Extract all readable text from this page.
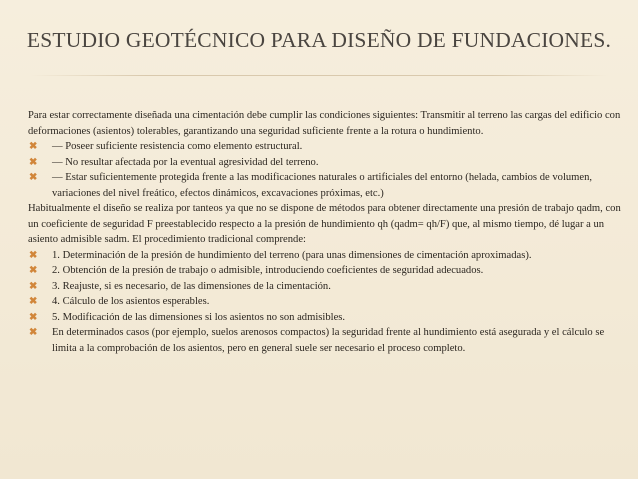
ESTUDIO GEOTÉCNICO PARA DISEÑO DE FUNDACIONES.

Para estar correctamente diseñada una cimentación debe cumplir las condiciones siguientes: Transmitir al terreno las cargas del edificio con deformaciones (asientos) tolerables, garantizando una seguridad suficiente frente a la rotura o hundimiento.

✖ — Poseer suficiente resistencia como elemento estructural.

✖ — No resultar afectada por la eventual agresividad del terreno.

✖ — Estar suficientemente protegida frente a las modificaciones naturales o artificiales del entorno (helada, cambios de volumen, variaciones del nivel freático, efectos dinámicos, excavaciones próximas, etc.)

Habitualmente el diseño se realiza por tanteos ya que no se dispone de métodos para obtener directamente una presión de trabajo qadm, con un coeficiente de seguridad F preestablecido respecto a la presión de hundimiento qh (qadm= qh/F) que, al mismo tiempo, dé lugar a un asiento admisible sadm. El procedimiento tradicional comprende:

✖ 1. Determinación de la presión de hundimiento del terreno (para unas dimensiones de cimentación aproximadas).

✖ 2. Obtención de la presión de trabajo o admisible, introduciendo coeficientes de seguridad adecuados.

✖ 3. Reajuste, si es necesario, de las dimensiones de la cimentación.

✖ 4. Cálculo de los asientos esperables.

✖ 5. Modificación de las dimensiones si los asientos no son admisibles.

✖ En determinados casos (por ejemplo, suelos arenosos compactos) la seguridad frente al hundimiento está asegurada y el cálculo se limita a la comprobación de los asientos, pero en general suele ser necesario el proceso completo.
